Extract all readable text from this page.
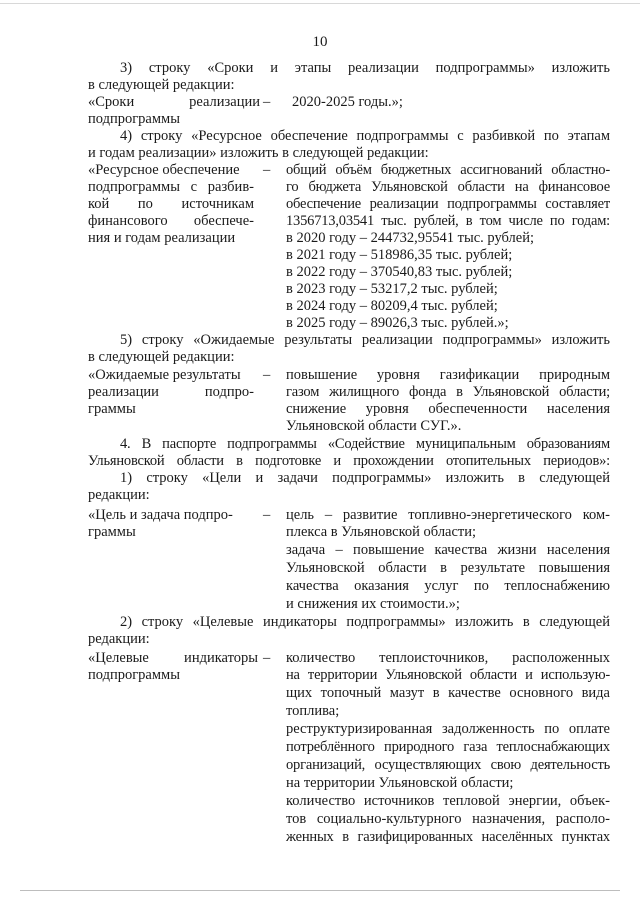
10
3) строку «Сроки и этапы реализации подпрограммы» изложить
в следующей редакции:
«Сроки реализации – 2020-2025 годы.»;
подпрограммы
4) строку «Ресурсное обеспечение подпрограммы с разбивкой по этапам
и годам реализации» изложить в следующей редакции:
«Ресурсное обеспечение
подпрограммы с разбив-
кой по источникам
финансового обеспече-
ния и годам реализации
– общий объём бюджетных ассигнований областно-
го бюджета Ульяновской области на финансовое
обеспечение реализации подпрограммы составляет
1356713,03541 тыс. рублей, в том числе по годам:
в 2020 году – 244732,95541 тыс. рублей;
в 2021 году – 518986,35 тыс. рублей;
в 2022 году – 370540,83 тыс. рублей;
в 2023 году – 53217,2 тыс. рублей;
в 2024 году – 80209,4 тыс. рублей;
в 2025 году – 89026,3 тыс. рублей.»;
5) строку «Ожидаемые результаты реализации подпрограммы» изложить
в следующей редакции:
«Ожидаемые результаты
реализации подпро-
граммы
– повышение уровня газификации природным
газом жилищного фонда в Ульяновской области;
снижение уровня обеспеченности населения
Ульяновской области СУГ.».
4. В паспорте подпрограммы «Содействие муниципальным образованиям
Ульяновской области в подготовке и прохождении отопительных периодов»:
1) строку «Цели и задачи подпрограммы» изложить в следующей
редакции:
«Цель и задача подпро-
граммы
– цель – развитие топливно-энергетического ком-
плекса в Ульяновской области;
задача – повышение качества жизни населения
Ульяновской области в результате повышения
качества оказания услуг по теплоснабжению
и снижения их стоимости.»;
2) строку «Целевые индикаторы подпрограммы» изложить в следующей
редакции:
«Целевые индикаторы
подпрограммы
– количество теплоисточников, расположенных
на территории Ульяновской области и использую-
щих топочный мазут в качестве основного вида
топлива;
реструктуризированная задолженность по оплате
потреблённого природного газа теплоснабжающих
организаций, осуществляющих свою деятельность
на территории Ульяновской области;
количество источников тепловой энергии, объек-
тов социально-культурного назначения, располо-
женных в газифицированных населённых пунктах
